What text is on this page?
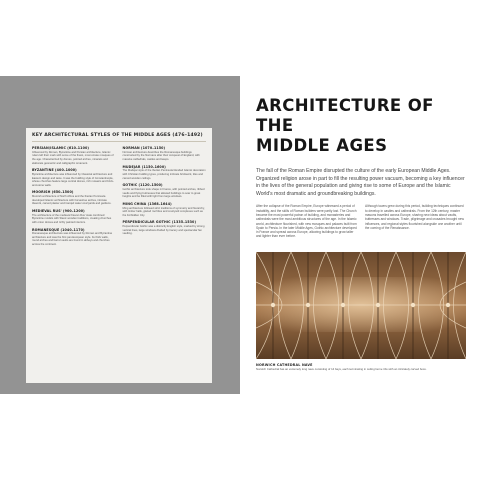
KEY ARCHITECTURAL STYLES OF THE MIDDLE AGES (476–1492)

PERSIAN/ISLAMIC (610–1100)

Influenced by Roman, Byzantine and Persian architecture, Islamic rulers left their mark with some of the finest, most ornate mosques of the age. Characterized by domes, pointed arches, minarets and elaborate geometric and calligraphic ornament.

BYZANTINE (400–1000)

Byzantine architecture was influenced by Classical architecture and Eastern design and taste. It was the building style of Constantinople, whose churches feature large central domes, rich mosaics and brick-and-stone walls.

MOORISH (650–1500)

Moorish architecture of North Africa and the Iberian Peninsula developed Islamic architecture with horseshoe arches, intricate tilework, carved plaster and tranquil water courtyards and gardens.

MEDIEVAL RUS' (900–1200)

The architecture of the medieval Kievan Rus' state combined Byzantine models with Slavic wooden traditions, creating churches with onion domes and richly painted interiors.

ROMANESQUE (1040–1170)

Romanesque architecture was influenced by Roman and Byzantine architecture and was the first pan-European style. Its thick walls, round arches and barrel vaults are found in abbeys and churches across the continent.

NORMAN (1070–1150)

Norman architecture describes the Romanesque buildings constructed by the Normans after their conquest of England, with massive cathedrals, castles and keeps.

MUDEJAR (1150–1600)

The Mudejar style of the Iberian Peninsula blended Islamic decoration with Christian building types, producing intricate brickwork, tiles and carved wooden ceilings.

GOTHIC (1120–1500)

Gothic architecture took shape in France, with pointed arches, ribbed vaults and flying buttresses that allowed buildings to soar to great heights and be filled with light from large windows.

MING CHINA (1368–1644)

Ming architecture followed strict traditions of symmetry and hierarchy, with timber halls, glazed roof tiles and courtyard complexes such as the Forbidden City.

PERPENDICULAR GOTHIC (1335–1530)

Perpendicular Gothic was a distinctly English style, marked by strong vertical lines, large windows divided by tracery and spectacular fan vaulting.

ARCHITECTURE OF THE
MIDDLE AGES

The fall of the Roman Empire disrupted the culture of the early European Middle Ages. Organized religion arose in part to fill the resulting power vacuum, becoming a key influencer in the lives of the general population and giving rise to some of Europe and the Islamic World's most dramatic and groundbreaking buildings.

After the collapse of the Roman Empire, Europe witnessed a period of instability, and the skills of Roman builders were partly lost. The Church became the most powerful patron of building, and monasteries and cathedrals were the most ambitious structures of the age. In the Islamic world, architecture flourished, with new mosques and palaces built from Spain to Persia. In the later Middle Ages, Gothic architecture developed in France and spread across Europe, allowing buildings to grow taller and lighter than ever before.

Although towns grew during this period, building techniques continued to develop in castles and cathedrals. From the 12th century, master masons travelled across Europe, sharing new ideas about vaults, buttresses and windows. Trade, pilgrimage and crusades brought new influences, and regional styles flourished alongside one another until the coming of the Renaissance.

NORWICH CATHEDRAL NAVE

Norwich Cathedral has an extremely long nave consisting of 14 bays, each terminating in ceiling lierne ribs with an intricately carved boss.
